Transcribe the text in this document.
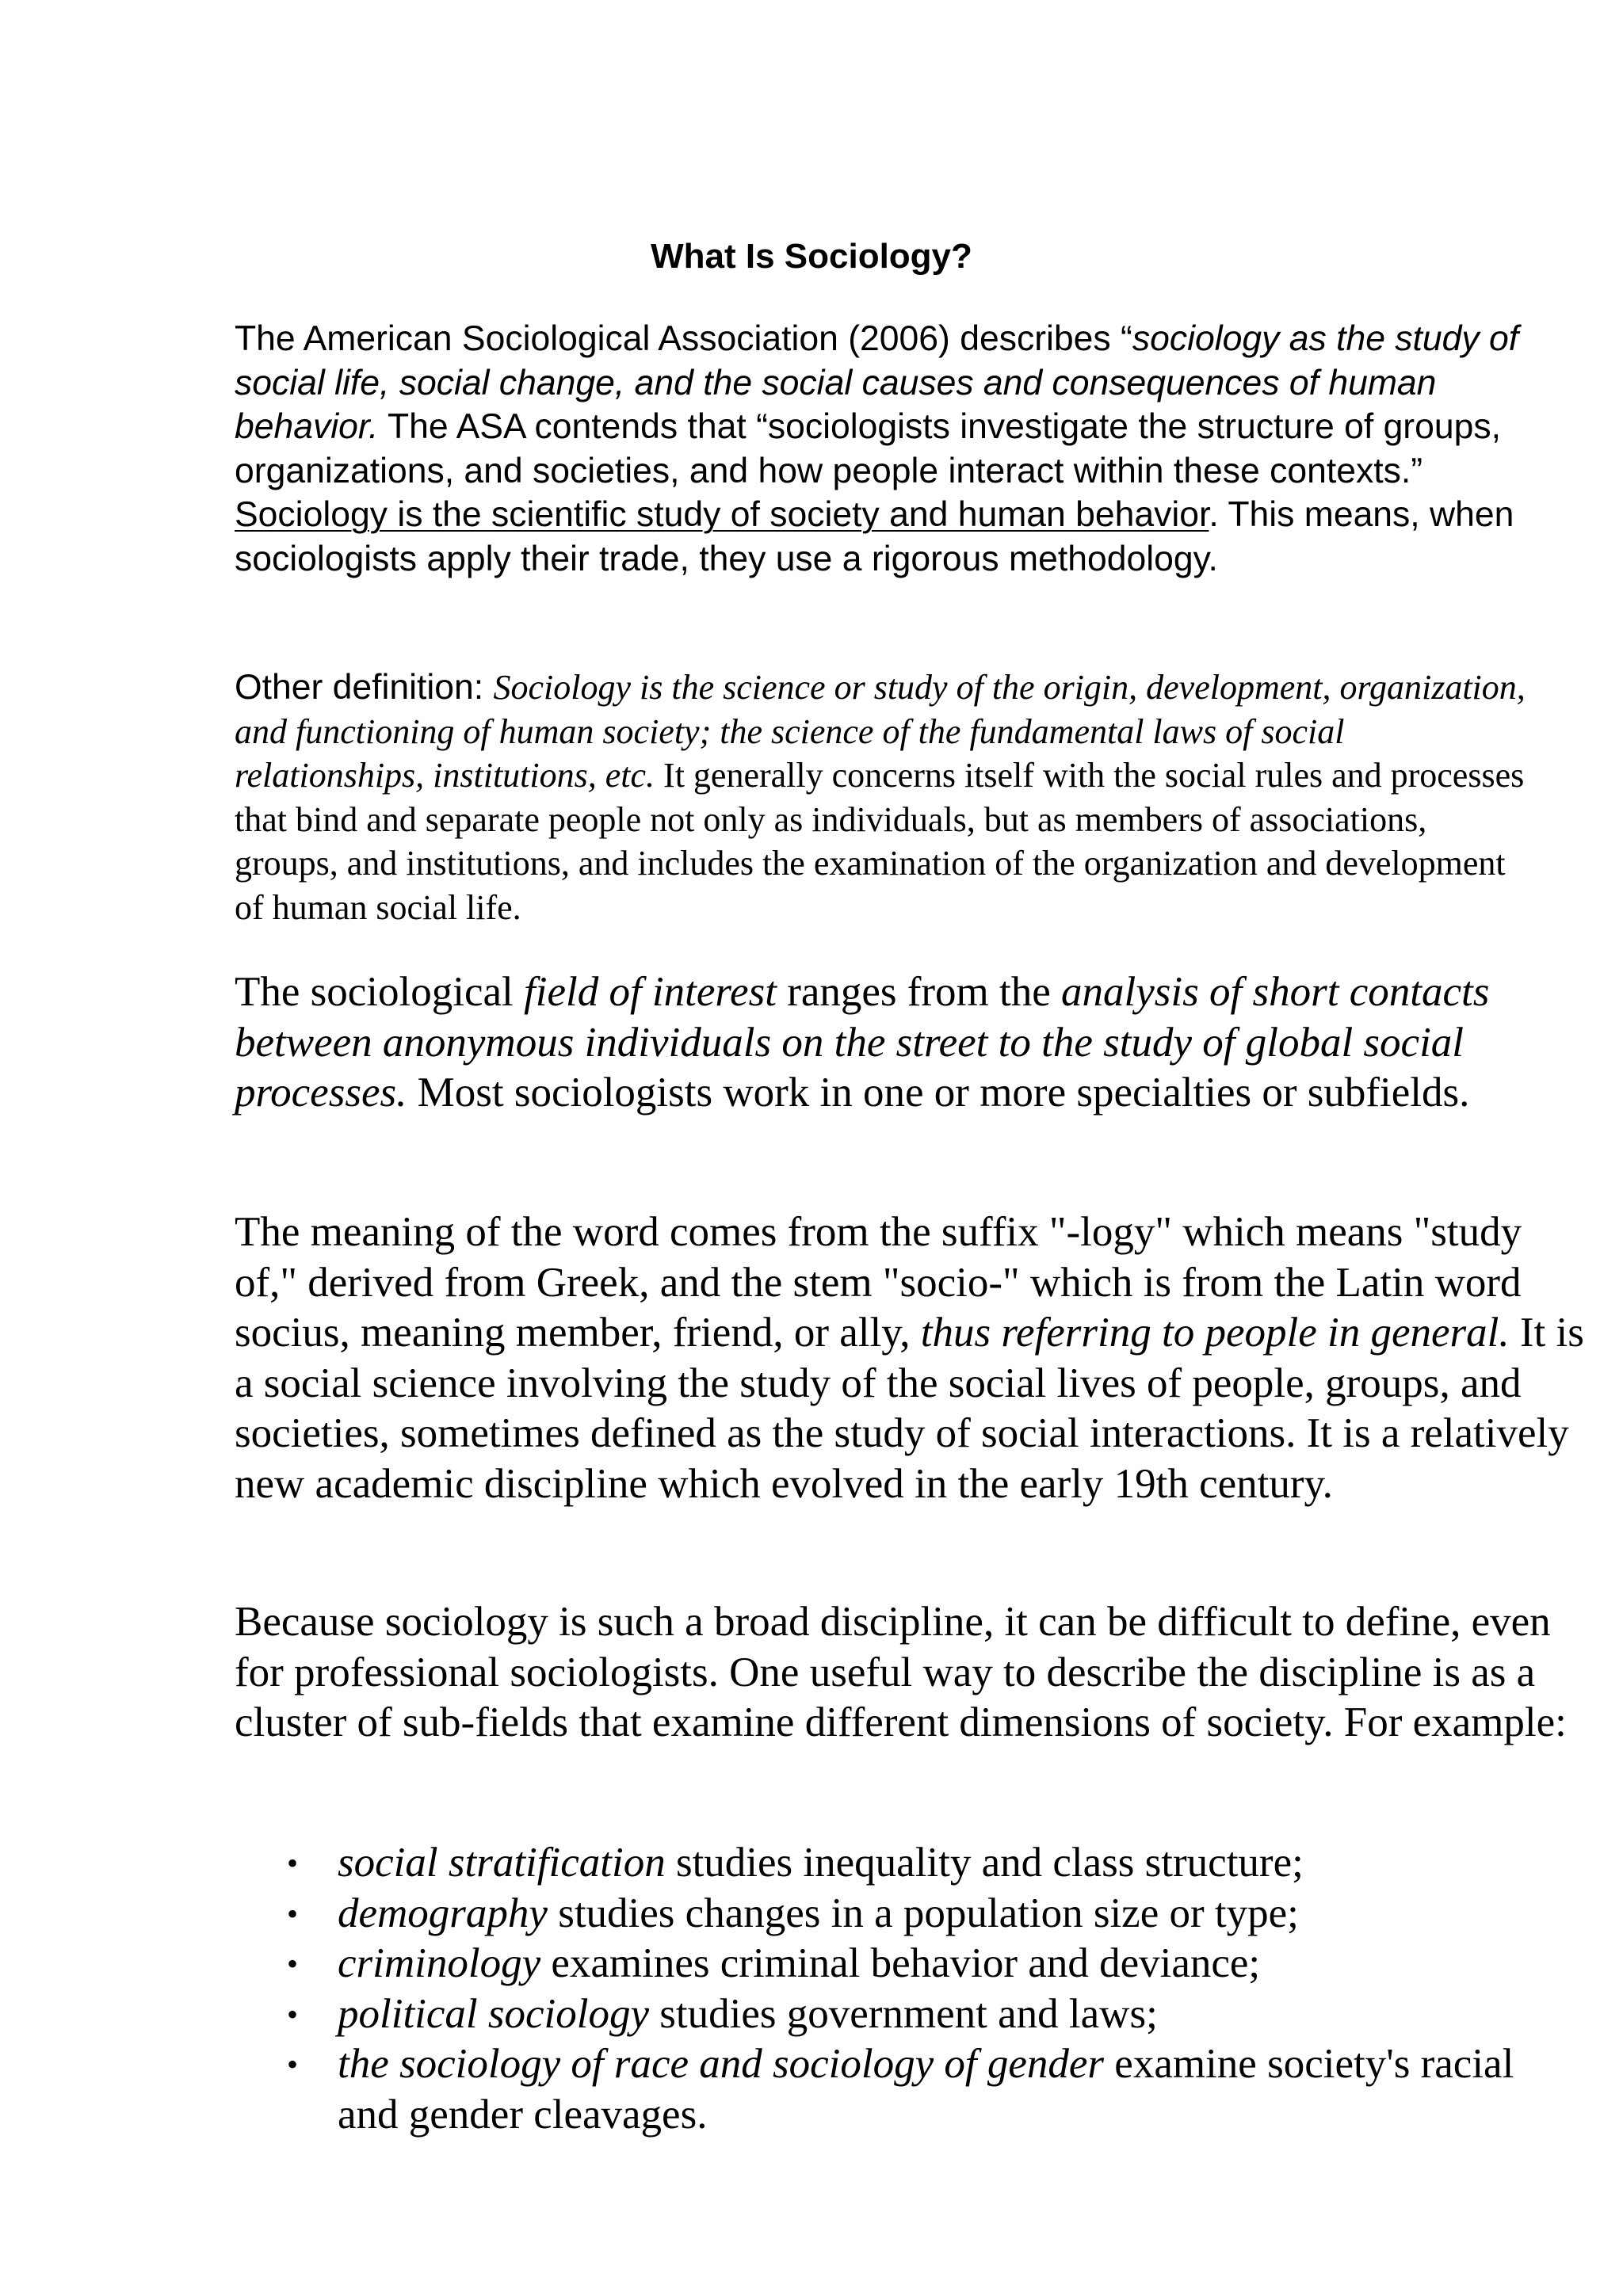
What Is Sociology?

The American Sociological Association (2006) describes “sociology as the study of social life, social change, and the social causes and consequences of human behavior. The ASA contends that “sociologists investigate the structure of groups, organizations, and societies, and how people interact within these contexts.” Sociology is the scientific study of society and human behavior. This means, when sociologists apply their trade, they use a rigorous methodology.

Other definition: Sociology is the science or study of the origin, development, organization, and functioning of human society; the science of the fundamental laws of social relationships, institutions, etc. It generally concerns itself with the social rules and processes that bind and separate people not only as individuals, but as members of associations, groups, and institutions, and includes the examination of the organization and development of human social life.

The sociological field of interest ranges from the analysis of short contacts between anonymous individuals on the street to the study of global social processes. Most sociologists work in one or more specialties or subfields.

The meaning of the word comes from the suffix "-logy" which means "study of," derived from Greek, and the stem "socio-" which is from the Latin word socius, meaning member, friend, or ally, thus referring to people in general. It is a social science involving the study of the social lives of people, groups, and societies, sometimes defined as the study of social interactions. It is a relatively new academic discipline which evolved in the early 19th century.

Because sociology is such a broad discipline, it can be difficult to define, even for professional sociologists. One useful way to describe the discipline is as a cluster of sub-fields that examine different dimensions of society. For example:

• social stratification studies inequality and class structure;
• demography studies changes in a population size or type;
• criminology examines criminal behavior and deviance;
• political sociology studies government and laws;
• the sociology of race and sociology of gender examine society's racial and gender cleavages.
